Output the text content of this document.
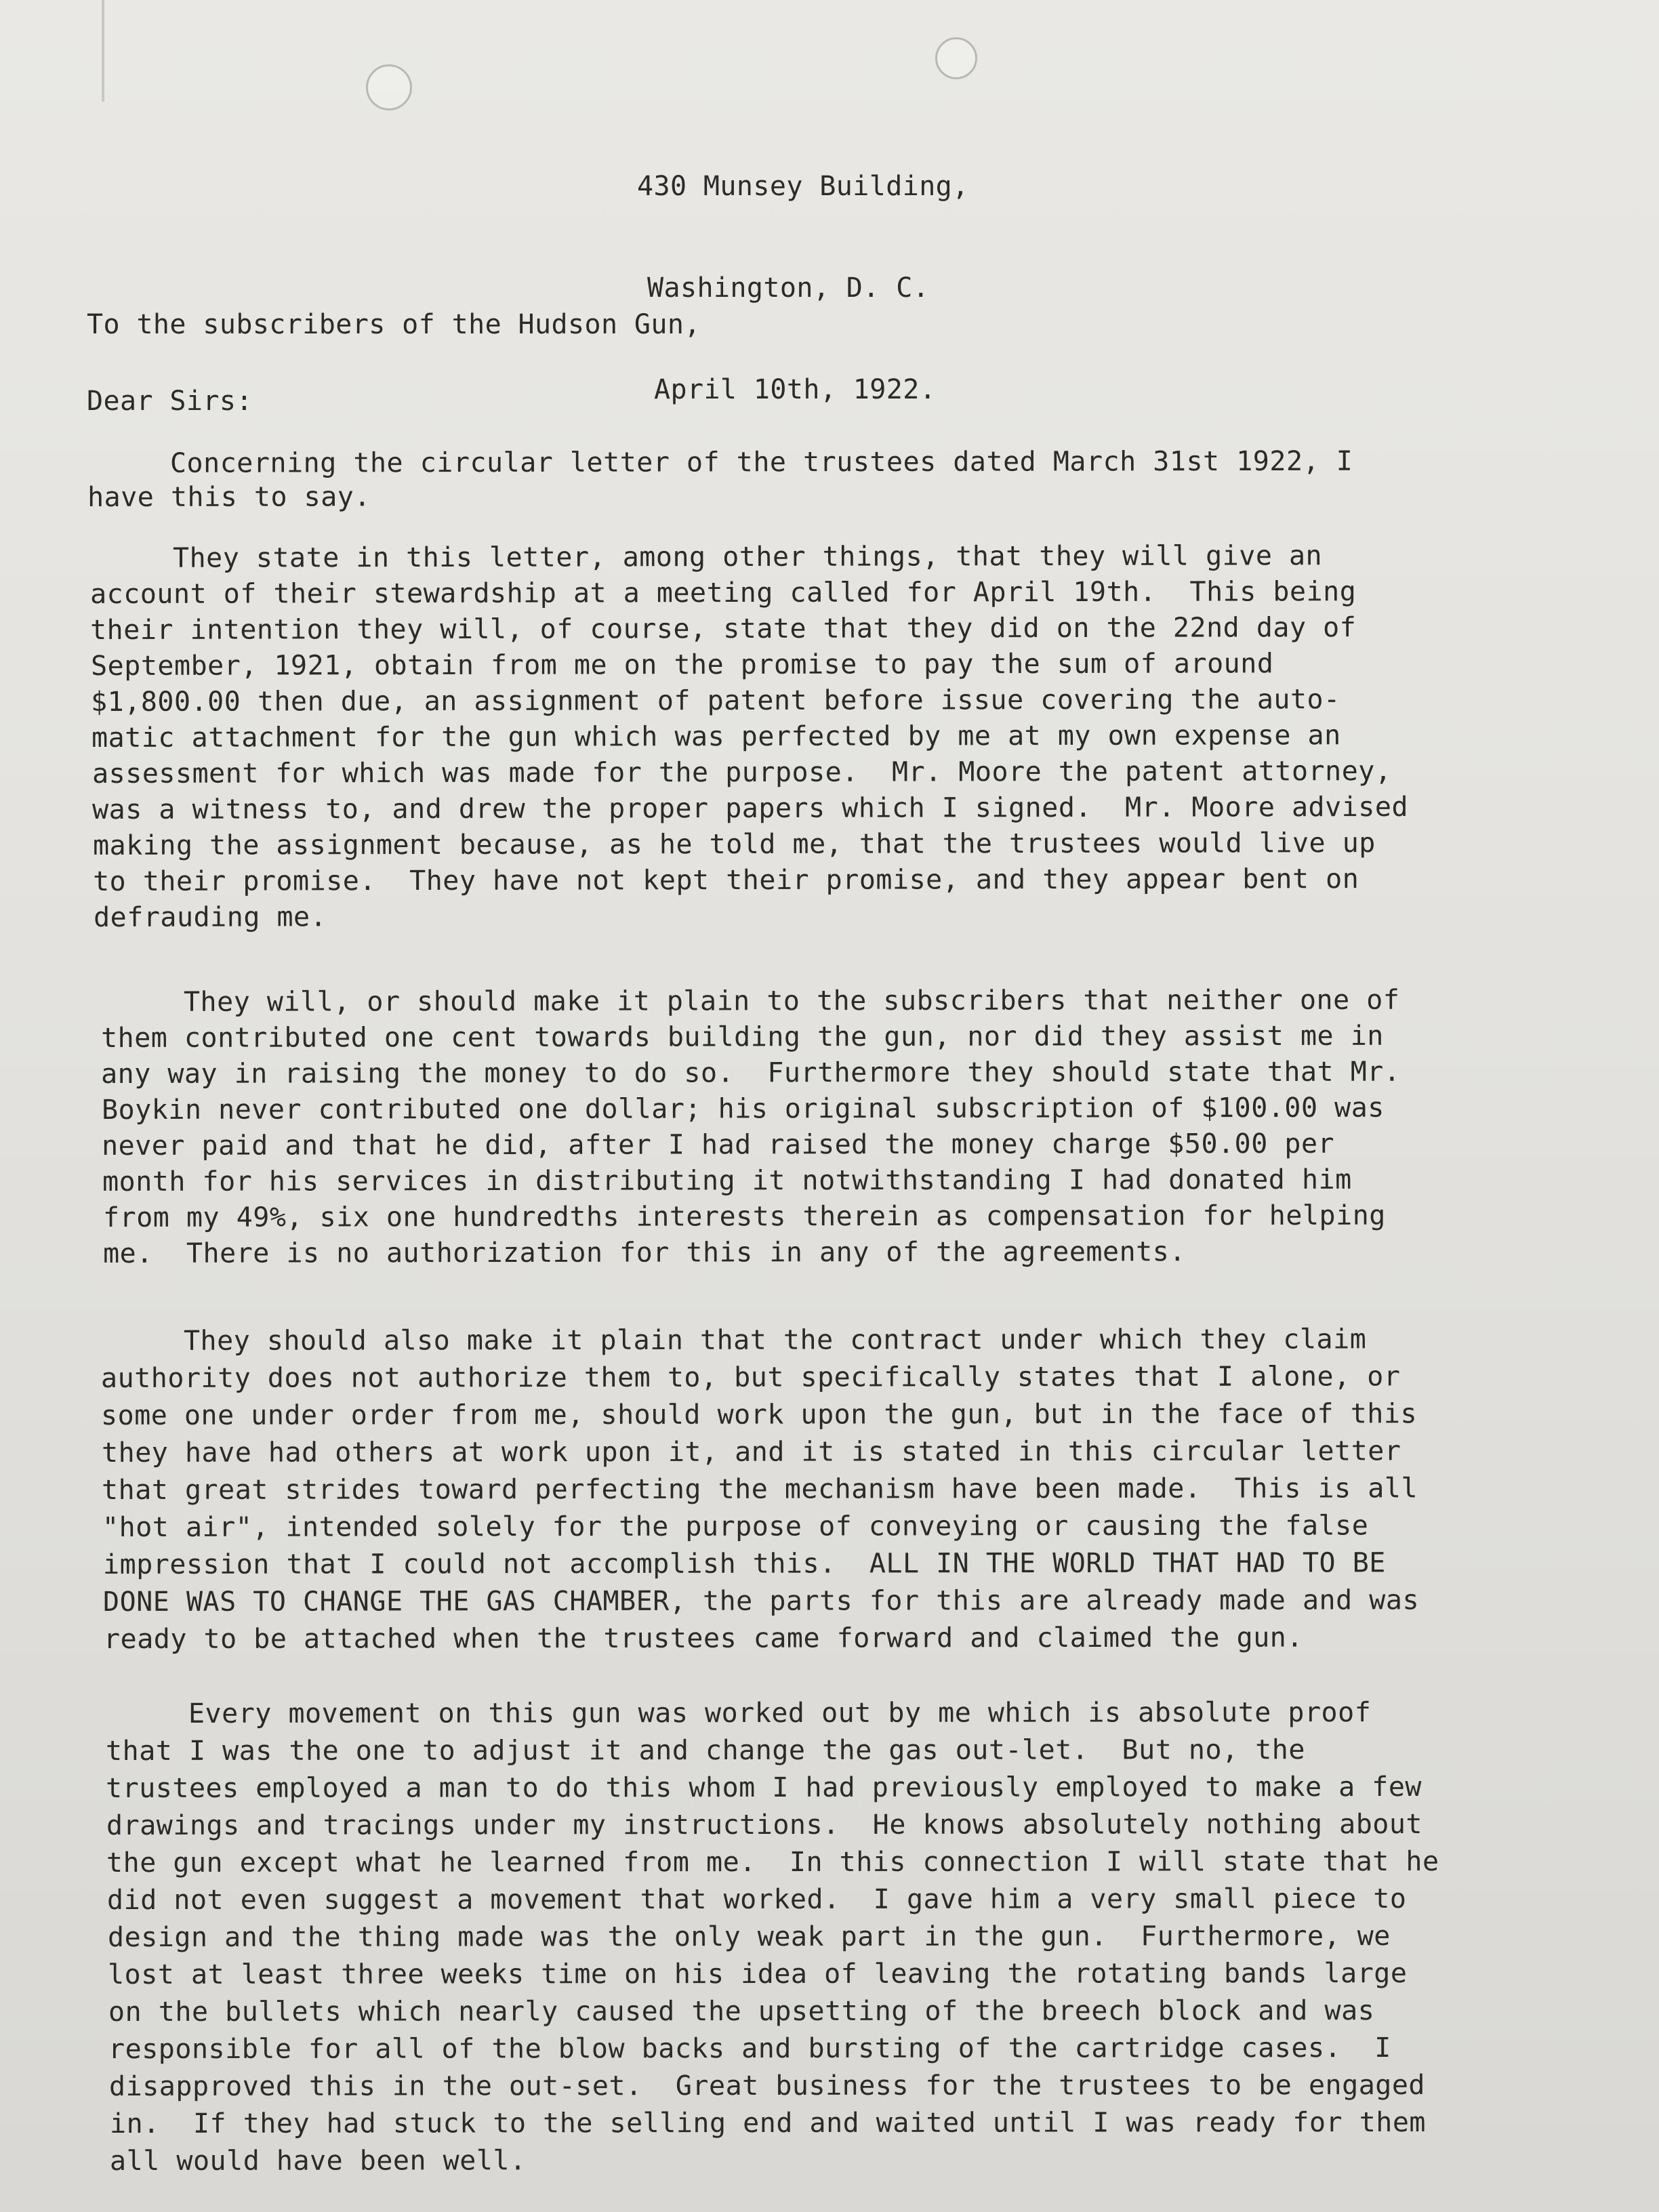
430 Munsey Building,

Washington, D. C.

April 10th, 1922.

To the subscribers of the Hudson Gun,
Dear Sirs:
Concerning the circular letter of the trustees dated March 31st 1922, I
have this to say.
They state in this letter, among other things, that they will give an
account of their stewardship at a meeting called for April 19th.  This being
their intention they will, of course, state that they did on the 22nd day of
September, 1921, obtain from me on the promise to pay the sum of around
$1,800.00 then due, an assignment of patent before issue covering the auto-
matic attachment for the gun which was perfected by me at my own expense an
assessment for which was made for the purpose.  Mr. Moore the patent attorney,
was a witness to, and drew the proper papers which I signed.  Mr. Moore advised
making the assignment because, as he told me, that the trustees would live up
to their promise.  They have not kept their promise, and they appear bent on
defrauding me.
They will, or should make it plain to the subscribers that neither one of
them contributed one cent towards building the gun, nor did they assist me in
any way in raising the money to do so.  Furthermore they should state that Mr.
Boykin never contributed one dollar; his original subscription of $100.00 was
never paid and that he did, after I had raised the money charge $50.00 per
month for his services in distributing it notwithstanding I had donated him
from my 49%, six one hundredths interests therein as compensation for helping
me.  There is no authorization for this in any of the agreements.
They should also make it plain that the contract under which they claim
authority does not authorize them to, but specifically states that I alone, or
some one under order from me, should work upon the gun, but in the face of this
they have had others at work upon it, and it is stated in this circular letter
that great strides toward perfecting the mechanism have been made.  This is all
"hot air", intended solely for the purpose of conveying or causing the false
impression that I could not accomplish this.  ALL IN THE WORLD THAT HAD TO BE
DONE WAS TO CHANGE THE GAS CHAMBER, the parts for this are already made and was
ready to be attached when the trustees came forward and claimed the gun.
Every movement on this gun was worked out by me which is absolute proof
that I was the one to adjust it and change the gas out-let.  But no, the
trustees employed a man to do this whom I had previously employed to make a few
drawings and tracings under my instructions.  He knows absolutely nothing about
the gun except what he learned from me.  In this connection I will state that he
did not even suggest a movement that worked.  I gave him a very small piece to
design and the thing made was the only weak part in the gun.  Furthermore, we
lost at least three weeks time on his idea of leaving the rotating bands large
on the bullets which nearly caused the upsetting of the breech block and was
responsible for all of the blow backs and bursting of the cartridge cases.  I
disapproved this in the out-set.  Great business for the trustees to be engaged
in.  If they had stuck to the selling end and waited until I was ready for them
all would have been well.
